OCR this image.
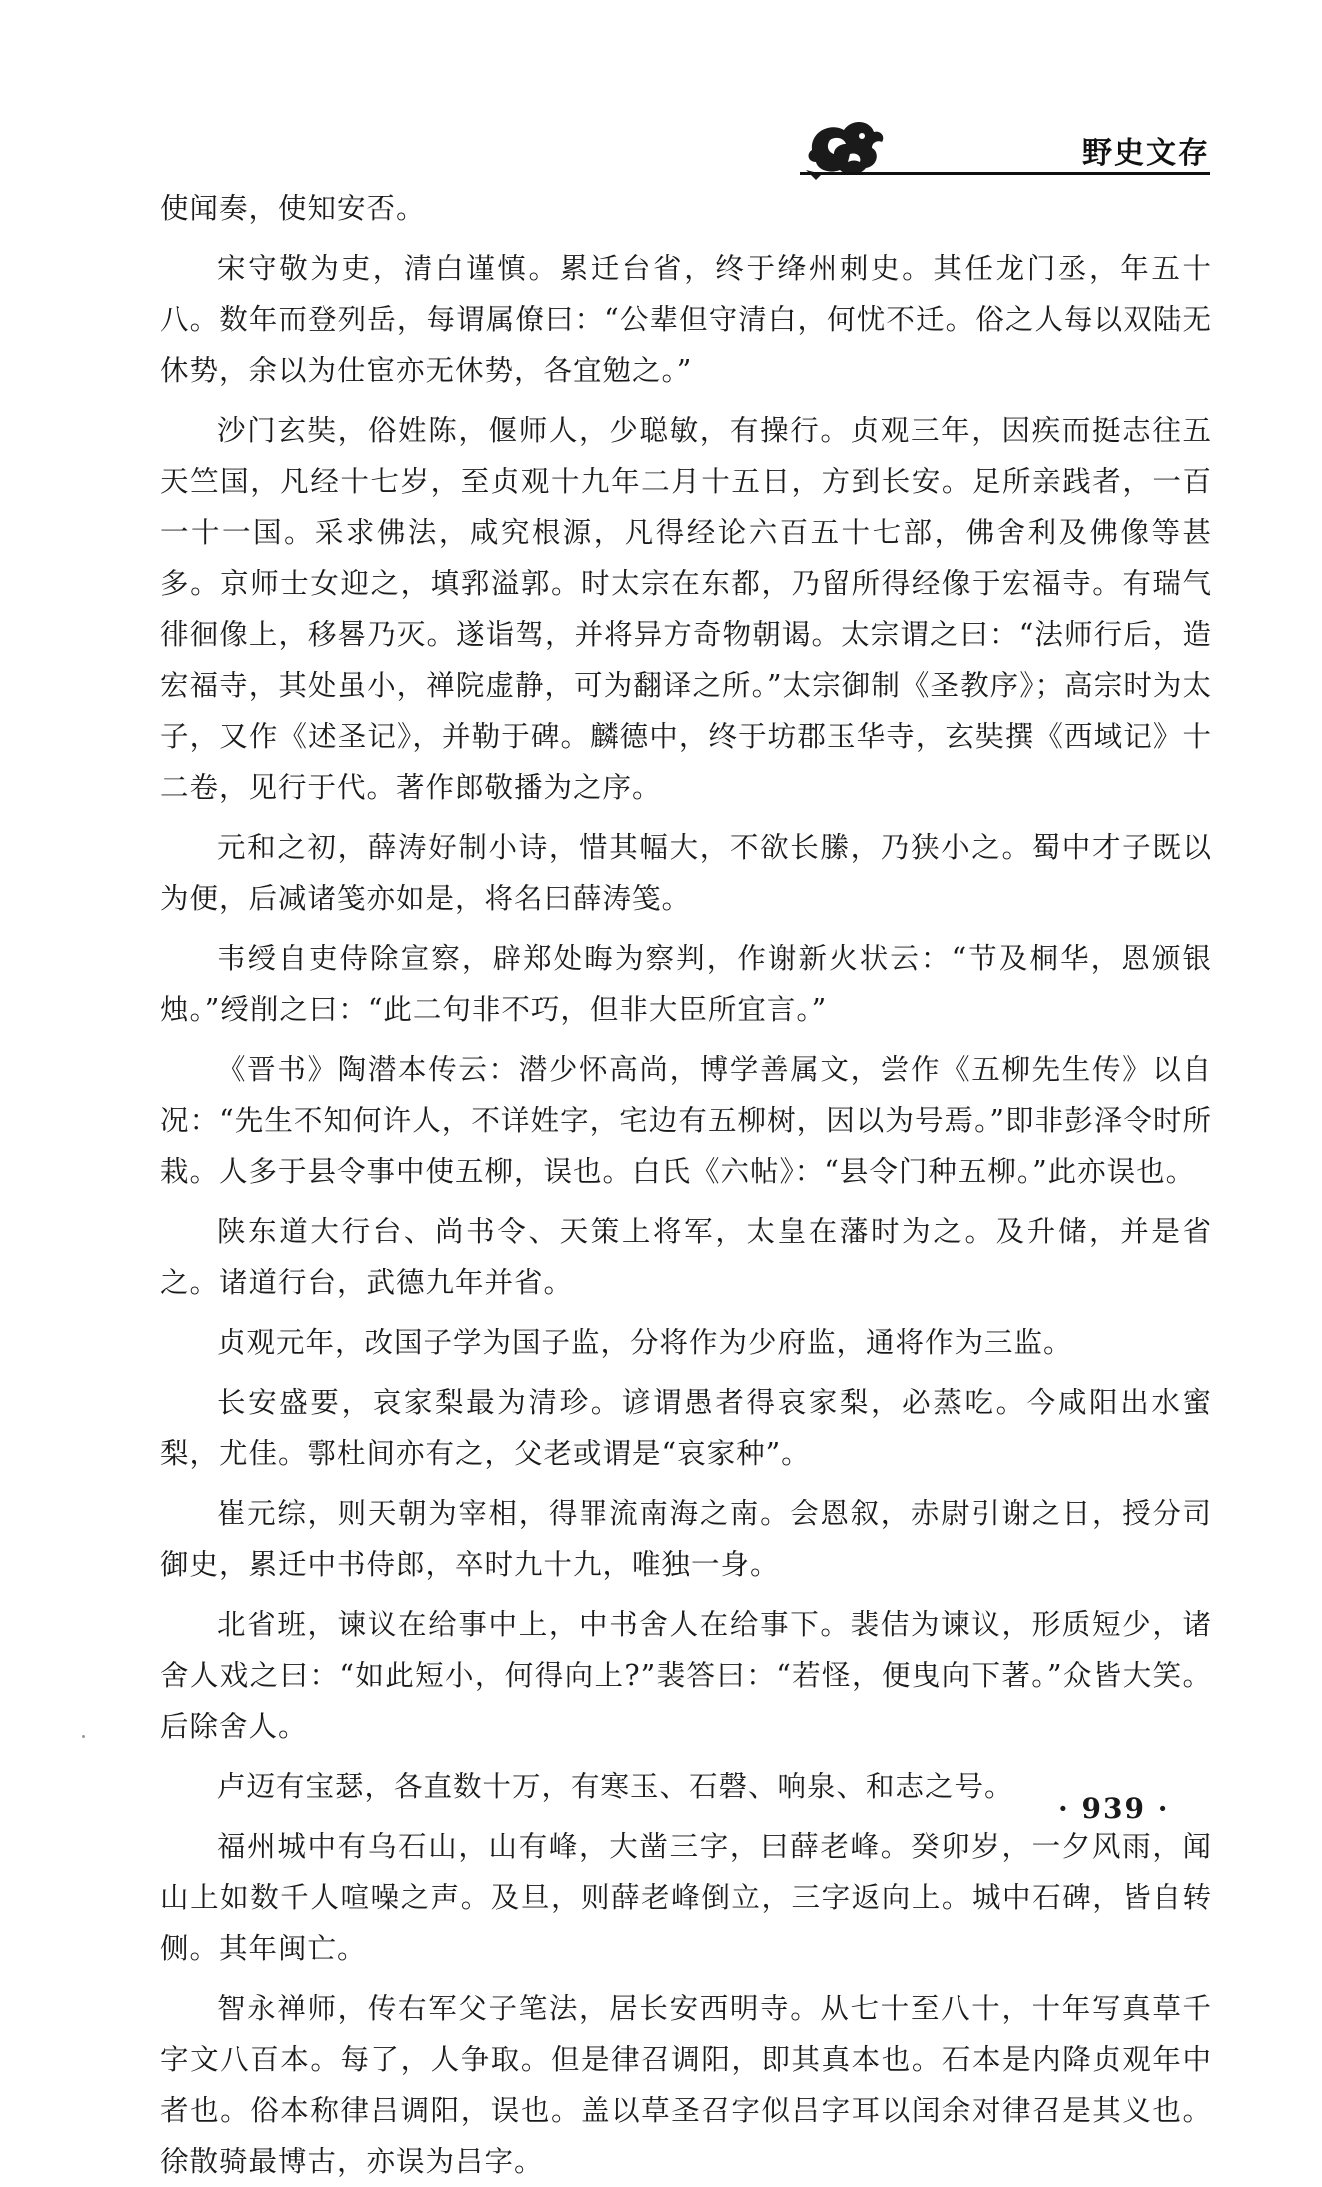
野史文存

使闻奏，使知安否。

宋守敬为吏，清白谨慎。累迁台省，终于绛州刺史。其任龙门丞，年五十八。数年而登列岳，每谓属僚曰：“公辈但守清白，何忧不迁。俗之人每以双陆无休势，余以为仕宦亦无休势，各宜勉之。”

沙门玄奘，俗姓陈，偃师人，少聪敏，有操行。贞观三年，因疾而挺志往五天竺国，凡经十七岁，至贞观十九年二月十五日，方到长安。足所亲践者，一百一十一国。采求佛法，咸究根源，凡得经论六百五十七部，佛舍利及佛像等甚多。京师士女迎之，填郛溢郭。时太宗在东都，乃留所得经像于宏福寺。有瑞气徘徊像上，移晷乃灭。遂诣驾，并将异方奇物朝谒。太宗谓之曰：“法师行后，造宏福寺，其处虽小，禅院虚静，可为翻译之所。”太宗御制《圣教序》；高宗时为太子，又作《述圣记》，并勒于碑。麟德中，终于坊郡玉华寺，玄奘撰《西域记》十二卷，见行于代。著作郎敬播为之序。

元和之初，薛涛好制小诗，惜其幅大，不欲长縢，乃狭小之。蜀中才子既以为便，后减诸笺亦如是，将名曰薛涛笺。

韦绶自吏侍除宣察，辟郑处晦为察判，作谢新火状云：“节及桐华，恩颁银烛。”绶削之曰：“此二句非不巧，但非大臣所宜言。”

《晋书》陶潜本传云：潜少怀高尚，博学善属文，尝作《五柳先生传》以自况：“先生不知何许人，不详姓字，宅边有五柳树，因以为号焉。”即非彭泽令时所栽。人多于县令事中使五柳，误也。白氏《六帖》：“县令门种五柳。”此亦误也。

陕东道大行台、尚书令、天策上将军，太皇在藩时为之。及升储，并是省之。诸道行台，武德九年并省。

贞观元年，改国子学为国子监，分将作为少府监，通将作为三监。

长安盛要，哀家梨最为清珍。谚谓愚者得哀家梨，必蒸吃。今咸阳出水蜜梨，尤佳。鄠杜间亦有之，父老或谓是“哀家种”。

崔元综，则天朝为宰相，得罪流南海之南。会恩叙，赤尉引谢之日，授分司御史，累迁中书侍郎，卒时九十九，唯独一身。

北省班，谏议在给事中上，中书舍人在给事下。裴佶为谏议，形质短少，诸舍人戏之曰：“如此短小，何得向上?”裴答曰：“若怪，便曳向下著。”众皆大笑。后除舍人。

卢迈有宝瑟，各直数十万，有寒玉、石磬、响泉、和志之号。

福州城中有乌石山，山有峰，大凿三字，曰薛老峰。癸卯岁，一夕风雨，闻山上如数千人喧噪之声。及旦，则薛老峰倒立，三字返向上。城中石碑，皆自转侧。其年闽亡。

智永禅师，传右军父子笔法，居长安西明寺。从七十至八十，十年写真草千字文八百本。每了，人争取。但是律召调阳，即其真本也。石本是内降贞观年中者也。俗本称律吕调阳，误也。盖以草圣召字似吕字耳以闰余对律召是其义也。徐散骑最博古，亦误为吕字。

· 939 ·
